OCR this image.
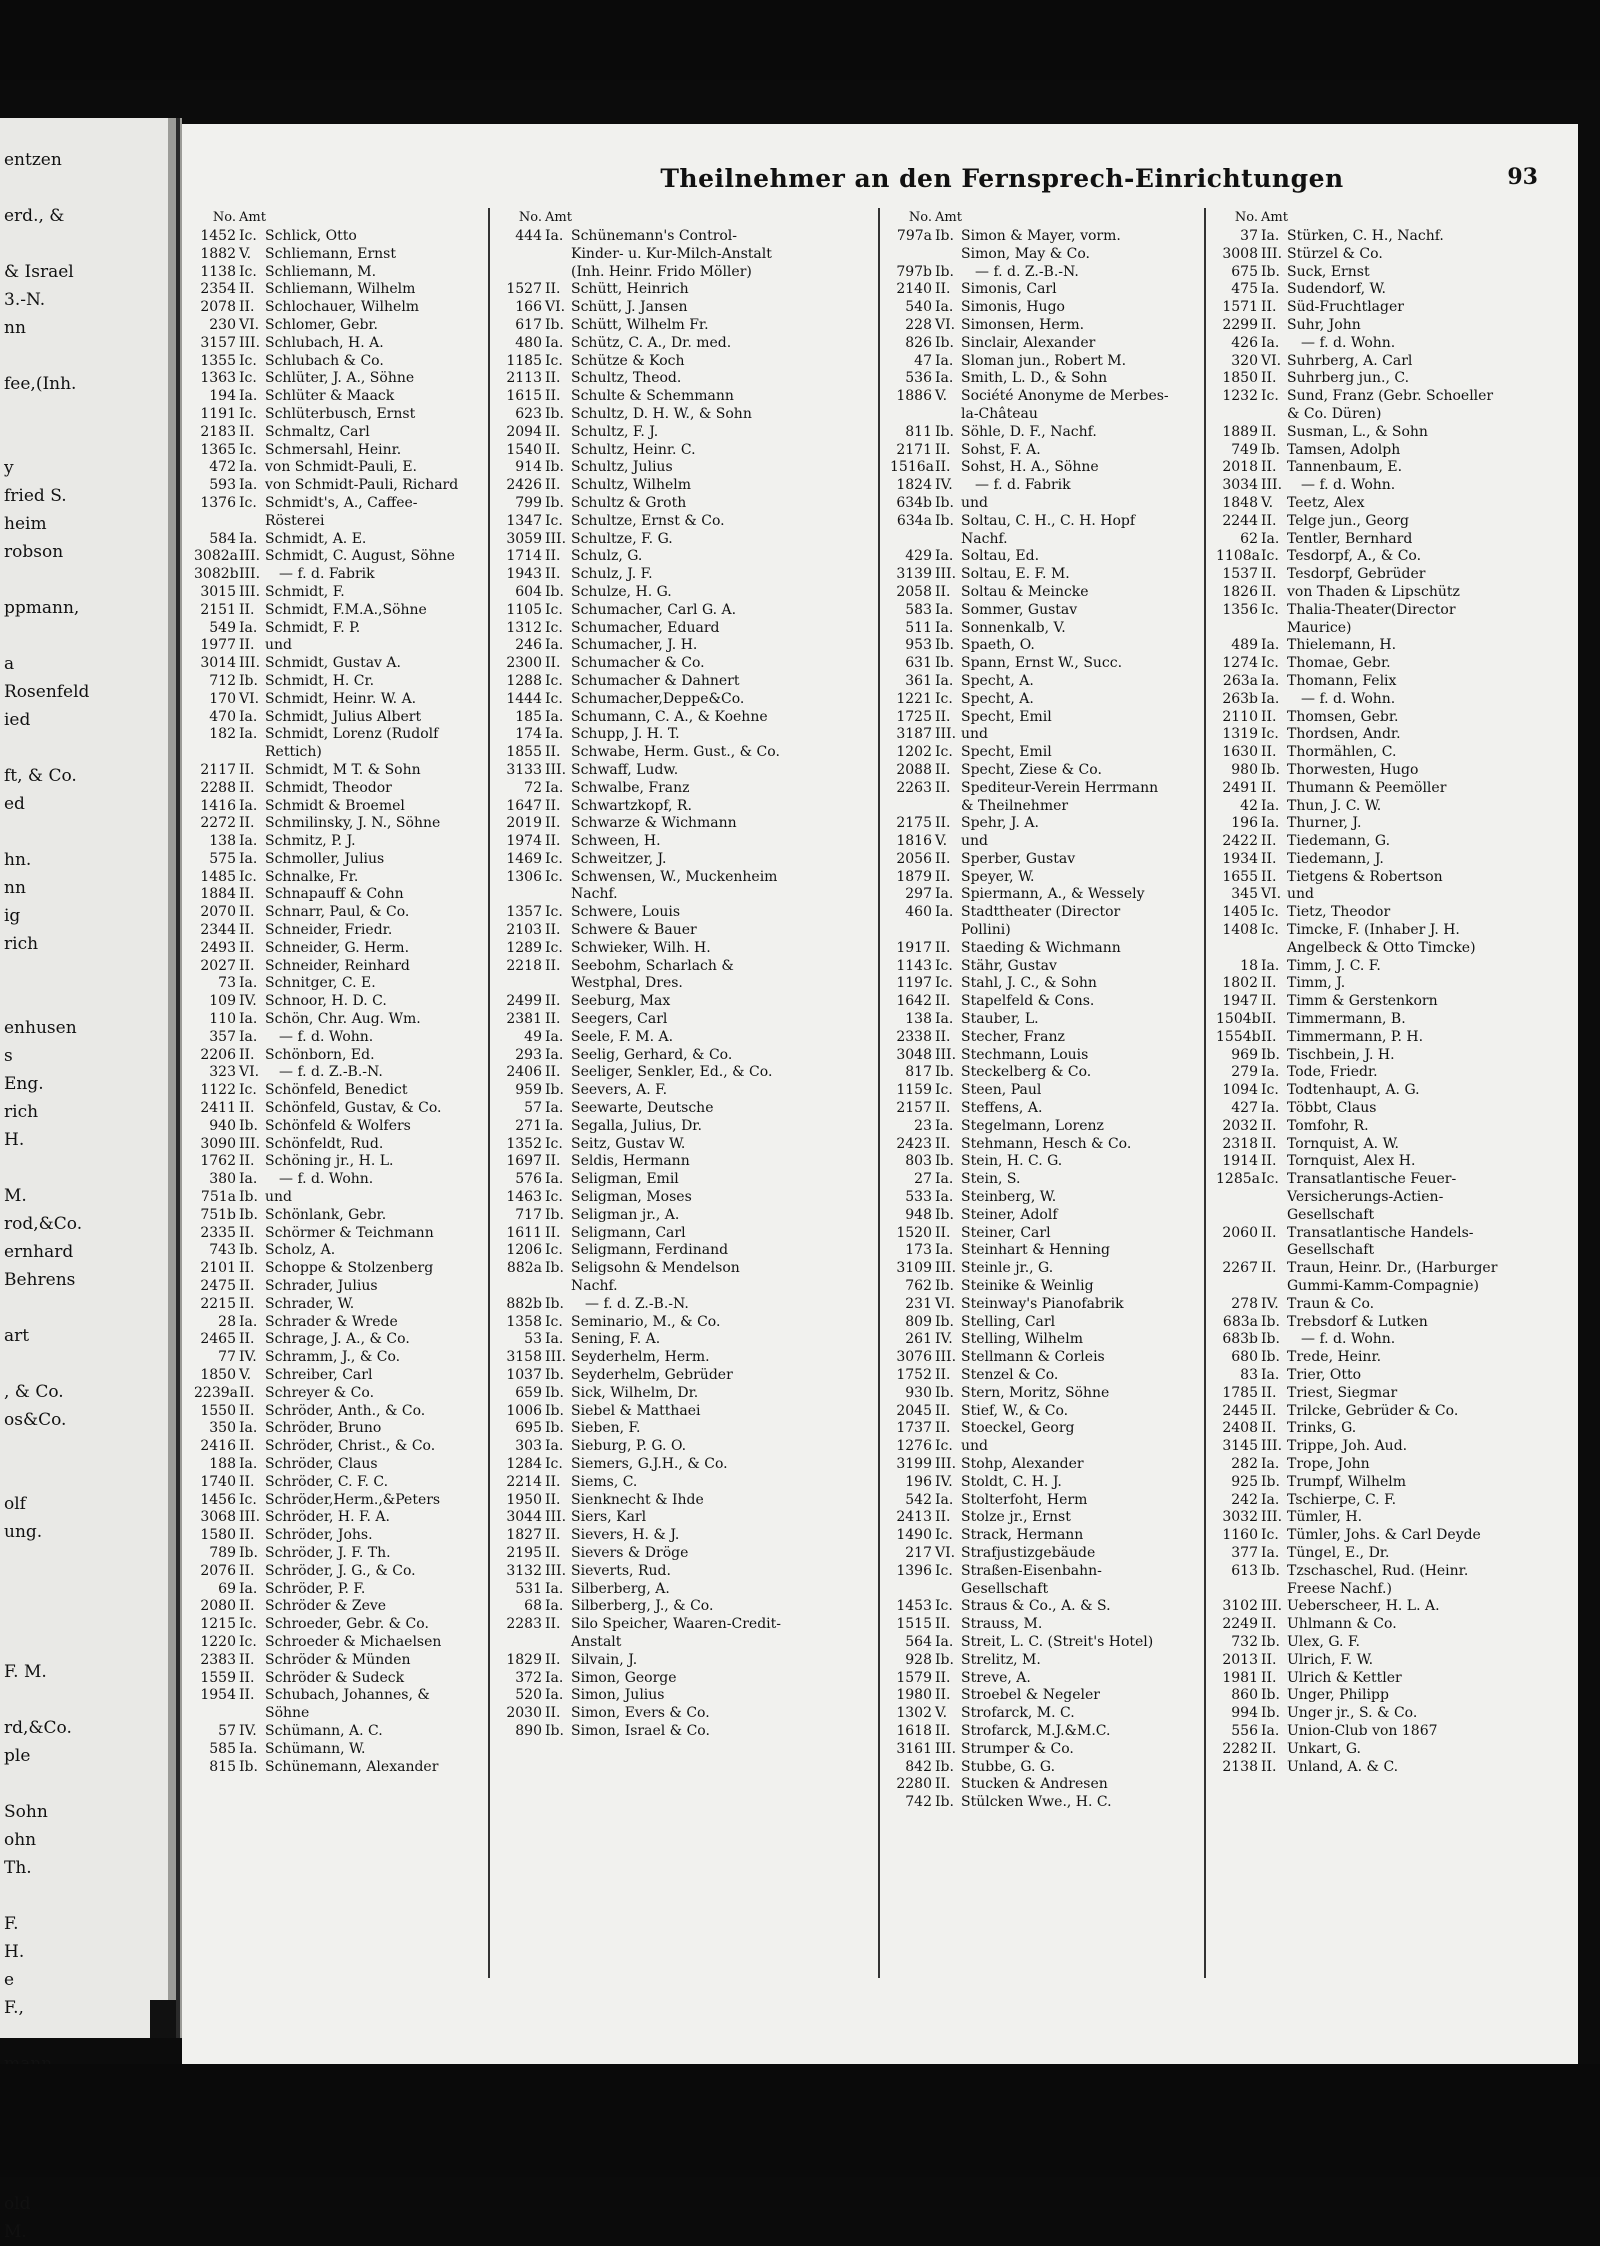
entzen
erd., &
& Israel
3.-N.
nn
fee,(Inh.
y
fried S.
heim
robson
ppmann,
a
Rosenfeld
ied
ft, & Co.
ed
hn.
nn
ig
rich
enhusen
s
Eng.
rich
H.
M.
rod,&Co.
ernhard
Behrens
art
, & Co.
os&Co.
olf
ung.
F. M.
rd,&Co.
ple
Sohn
ohn
Th.
F.
H.
e
F.,
old
M.
Theilnehmer an den Fernsprech-Einrichtungen	93
No. Amt
1452 Ic. Schlick, Otto
1882 V. Schliemann, Ernst
1138 Ic. Schliemann, M.
2354 II. Schliemann, Wilhelm
2078 II. Schlochauer, Wilhelm
230 VI. Schlomer, Gebr.
3157 III. Schlubach, H. A.
1355 Ic. Schlubach & Co.
1363 Ic. Schlüter, J. A., Söhne
194 Ia. Schlüter & Maack
1191 Ic. Schlüterbusch, Ernst
2183 II. Schmaltz, Carl
1365 Ic. Schmersahl, Heinr.
472 Ia. von Schmidt-Pauli, E.
593 Ia. von Schmidt-Pauli, Richard
1376 Ic. Schmidt's, A., Caffee-Rösterei
584 Ia. Schmidt, A. E.
3082a III. Schmidt, C. August, Söhne
3082b III.	— f. d. Fabrik
3015 III. Schmidt, F.
2151 II. Schmidt, F.M.A.,Söhne
549 Ia. Schmidt, F. P.
1977 II. und
3014 III. Schmidt, Gustav A.
712 Ib. Schmidt, H. Cr.
170 VI. Schmidt, Heinr. W. A.
470 Ia. Schmidt, Julius Albert
182 Ia. Schmidt, Lorenz (Rudolf Rettich)
2117 II. Schmidt, M T. & Sohn
2288 II. Schmidt, Theodor
1416 Ia. Schmidt & Broemel
2272 II. Schmilinsky, J. N., Söhne
138 Ia. Schmitz, P. J.
575 Ia. Schmoller, Julius
1485 Ic. Schnalke, Fr.
1884 II. Schnapauff & Cohn
2070 II. Schnarr, Paul, & Co.
2344 II. Schneider, Friedr.
2493 II. Schneider, G. Herm.
2027 II. Schneider, Reinhard
73 Ia. Schnitger, C. E.
109 IV. Schnoor, H. D. C.
110 Ia. Schön, Chr. Aug. Wm.
357 Ia.	— f. d. Wohn.
2206 II. Schönborn, Ed.
323 VI.	— f. d. Z.-B.-N.
1122 Ic. Schönfeld, Benedict
2411 II. Schönfeld, Gustav, & Co.
940 Ib. Schönfeld & Wolfers
3090 III. Schönfeldt, Rud.
1762 II. Schöning jr., H. L.
380 Ia.	— f. d. Wohn.
751a Ib. und
751b Ib. Schönlank, Gebr.
2335 II. Schörmer & Teichmann
743 Ib. Scholz, A.
2101 II. Schoppe & Stolzenberg
2475 II. Schrader, Julius
2215 II. Schrader, W.
28 Ia. Schrader & Wrede
2465 II. Schrage, J. A., & Co.
77 IV. Schramm, J., & Co.
1850 V. Schreiber, Carl
2239a II. Schreyer & Co.
1550 II. Schröder, Anth., & Co.
350 Ia. Schröder, Bruno
2416 II. Schröder, Christ., & Co.
188 Ia. Schröder, Claus
1740 II. Schröder, C. F. C.
1456 Ic. Schröder,Herm.,&Peters
3068 III. Schröder, H. F. A.
1580 II. Schröder, Johs.
789 Ib. Schröder, J. F. Th.
2076 II. Schröder, J. G., & Co.
69 Ia. Schröder, P. F.
2080 II. Schröder & Zeve
1215 Ic. Schroeder, Gebr. & Co.
1220 Ic. Schroeder & Michaelsen
2383 II. Schröder & Münden
1559 II. Schröder & Sudeck
1954 II. Schubach, Johannes, & Söhne
57 IV. Schümann, A. C.
585 Ia. Schümann, W.
815 Ib. Schünemann, Alexander
No. Amt
444 Ia. Schünemann's Control-Kinder- u. Kur-Milch-Anstalt (Inh. Heinr. Frido Möller)
1527 II. Schütt, Heinrich
166 VI. Schütt, J. Jansen
617 Ib. Schütt, Wilhelm Fr.
480 Ia. Schütz, C. A., Dr. med.
1185 Ic. Schütze & Koch
2113 II. Schultz, Theod.
1615 II. Schulte & Schemmann
623 Ib. Schultz, D. H. W., & Sohn
2094 II. Schultz, F. J.
1540 II. Schultz, Heinr. C.
914 Ib. Schultz, Julius
2426 II. Schultz, Wilhelm
799 Ib. Schultz & Groth
1347 Ic. Schultze, Ernst & Co.
3059 III. Schultze, F. G.
1714 II. Schulz, G.
1943 II. Schulz, J. F.
604 Ib. Schulze, H. G.
1105 Ic. Schumacher, Carl G. A.
1312 Ic. Schumacher, Eduard
246 Ia. Schumacher, J. H.
2300 II. Schumacher & Co.
1288 Ic. Schumacher & Dahnert
1444 Ic. Schumacher,Deppe&Co.
185 Ia. Schumann, C. A., & Koehne
174 Ia. Schupp, J. H. T.
1855 II. Schwabe, Herm. Gust., & Co.
3133 III. Schwaff, Ludw.
72 Ia. Schwalbe, Franz
1647 II. Schwartzkopf, R.
2019 II. Schwarze & Wichmann
1974 II. Schween, H.
1469 Ic. Schweitzer, J.
1306 Ic. Schwensen, W., Muckenheim Nachf.
1357 Ic. Schwere, Louis
2103 II. Schwere & Bauer
1289 Ic. Schwieker, Wilh. H.
2218 II. Seebohm, Scharlach & Westphal, Dres.
2499 II. Seeburg, Max
2381 II. Seegers, Carl
49 Ia. Seele, F. M. A.
293 Ia. Seelig, Gerhard, & Co.
2406 II. Seeliger, Senkler, Ed., & Co.
959 Ib. Seevers, A. F.
57 Ia. Seewarte, Deutsche
271 Ia. Segalla, Julius, Dr.
1352 Ic. Seitz, Gustav W.
1697 II. Seldis, Hermann
576 Ia. Seligman, Emil
1463 Ic. Seligman, Moses
717 Ib. Seligman jr., A.
1611 II. Seligmann, Carl
1206 Ic. Seligmann, Ferdinand
882a Ib. Seligsohn & Mendelson Nachf.
882b Ib.	— f. d. Z.-B.-N.
1358 Ic. Seminario, M., & Co.
53 Ia. Sening, F. A.
3158 III. Seyderhelm, Herm.
1037 Ib. Seyderhelm, Gebrüder
659 Ib. Sick, Wilhelm, Dr.
1006 Ib. Siebel & Matthaei
695 Ib. Sieben, F.
303 Ia. Sieburg, P. G. O.
1284 Ic. Siemers, G.J.H., & Co.
2214 II. Siems, C.
1950 II. Sienknecht & Ihde
3044 III. Siers, Karl
1827 II. Sievers, H. & J.
2195 II. Sievers & Dröge
3132 III. Sieverts, Rud.
531 Ia. Silberberg, A.
68 Ia. Silberberg, J., & Co.
2283 II. Silo Speicher, Waaren-Credit-Anstalt
1829 II. Silvain, J.
372 Ia. Simon, George
520 Ia. Simon, Julius
2030 II. Simon, Evers & Co.
890 Ib. Simon, Israel & Co.
No. Amt
797a Ib. Simon & Mayer, vorm. Simon, May & Co.
797b Ib.	— f. d. Z.-B.-N.
2140 II. Simonis, Carl
540 Ia. Simonis, Hugo
228 VI. Simonsen, Herm.
826 Ib. Sinclair, Alexander
47 Ia. Sloman jun., Robert M.
536 Ia. Smith, L. D., & Sohn
1886 V. Société Anonyme de Merbes-la-Château
811 Ib. Söhle, D. F., Nachf.
2171 II. Sohst, F. A.
1516a II. Sohst, H. A., Söhne
1824 IV.	— f. d. Fabrik
634b Ib. und
634a Ib. Soltau, C. H., C. H. Hopf Nachf.
429 Ia. Soltau, Ed.
3139 III. Soltau, E. F. M.
2058 II. Soltau & Meincke
583 Ia. Sommer, Gustav
511 Ia. Sonnenkalb, V.
953 Ib. Spaeth, O.
631 Ib. Spann, Ernst W., Succ.
361 Ia. Specht, A.
1221 Ic. Specht, A.
1725 II. Specht, Emil
3187 III. und
1202 Ic. Specht, Emil
2088 II. Specht, Ziese & Co.
2263 II. Spediteur-Verein Herrmann & Theilnehmer
2175 II. Spehr, J. A.
1816 V. und
2056 II. Sperber, Gustav
1879 II. Speyer, W.
297 Ia. Spiermann, A., & Wessely
460 Ia. Stadttheater (Director Pollini)
1917 II. Staeding & Wichmann
1143 Ic. Stähr, Gustav
1197 Ic. Stahl, J. C., & Sohn
1642 II. Stapelfeld & Cons.
138 Ia. Stauber, L.
2338 II. Stecher, Franz
3048 III. Stechmann, Louis
817 Ib. Steckelberg & Co.
1159 Ic. Steen, Paul
2157 II. Steffens, A.
23 Ia. Stegelmann, Lorenz
2423 II. Stehmann, Hesch & Co.
803 Ib. Stein, H. C. G.
27 Ia. Stein, S.
533 Ia. Steinberg, W.
948 Ib. Steiner, Adolf
1520 II. Steiner, Carl
173 Ia. Steinhart & Henning
3109 III. Steinle jr., G.
762 Ib. Steinike & Weinlig
231 VI. Steinway's Pianofabrik
809 Ib. Stelling, Carl
261 IV. Stelling, Wilhelm
3076 III. Stellmann & Corleis
1752 II. Stenzel & Co.
930 Ib. Stern, Moritz, Söhne
2045 II. Stief, W., & Co.
1737 II. Stoeckel, Georg
1276 Ic. und
3199 III. Stohp, Alexander
196 IV. Stoldt, C. H. J.
542 Ia. Stolterfoht, Herm
2413 II. Stolze jr., Ernst
1490 Ic. Strack, Hermann
217 VI. Strafjustizgebäude
1396 Ic. Straßen-Eisenbahn-Gesellschaft
1453 Ic. Straus & Co., A. & S.
1515 II. Strauss, M.
564 Ia. Streit, L. C. (Streit's Hotel)
928 Ib. Strelitz, M.
1579 II. Streve, A.
1980 II. Stroebel & Negeler
1302 V. Strofarck, M. C.
1618 II. Strofarck, M.J.&M.C.
3161 III. Strumper & Co.
842 Ib. Stubbe, G. G.
2280 II. Stucken & Andresen
742 Ib. Stülcken Wwe., H. C.
No. Amt
37 Ia. Stürken, C. H., Nachf.
3008 III. Stürzel & Co.
675 Ib. Suck, Ernst
475 Ia. Sudendorf, W.
1571 II. Süd-Fruchtlager
2299 II. Suhr, John
426 Ia.	— f. d. Wohn.
320 VI. Suhrberg, A. Carl
1850 II. Suhrberg jun., C.
1232 Ic. Sund, Franz (Gebr. Schoeller & Co. Düren)
1889 II. Susman, L., & Sohn
749 Ib. Tamsen, Adolph
2018 II. Tannenbaum, E.
3034 III.	— f. d. Wohn.
1848 V. Teetz, Alex
2244 II. Telge jun., Georg
62 Ia. Tentler, Bernhard
1108a Ic. Tesdorpf, A., & Co.
1537 II. Tesdorpf, Gebrüder
1826 II. von Thaden & Lipschütz
1356 Ic. Thalia-Theater(Director Maurice)
489 Ia. Thielemann, H.
1274 Ic. Thomae, Gebr.
263a Ia. Thomann, Felix
263b Ia.	— f. d. Wohn.
2110 II. Thomsen, Gebr.
1319 Ic. Thordsen, Andr.
1630 II. Thormählen, C.
980 Ib. Thorwesten, Hugo
2491 II. Thumann & Peemöller
42 Ia. Thun, J. C. W.
196 Ia. Thurner, J.
2422 II. Tiedemann, G.
1934 II. Tiedemann, J.
1655 II. Tietgens & Robertson
345 VI. und
1405 Ic. Tietz, Theodor
1408 Ic. Timcke, F. (Inhaber J. H. Angelbeck & Otto Timcke)
18 Ia. Timm, J. C. F.
1802 II. Timm, J.
1947 II. Timm & Gerstenkorn
1504b II. Timmermann, B.
1554b II. Timmermann, P. H.
969 Ib. Tischbein, J. H.
279 Ia. Tode, Friedr.
1094 Ic. Todtenhaupt, A. G.
427 Ia. Többt, Claus
2032 II. Tomfohr, R.
2318 II. Tornquist, A. W.
1914 II. Tornquist, Alex H.
1285a Ic. Transatlantische Feuer-Versicherungs-Actien-Gesellschaft
2060 II. Transatlantische Handels-Gesellschaft
2267 II. Traun, Heinr. Dr., (Harburger Gummi-Kamm-Compagnie)
278 IV. Traun & Co.
683a Ib. Trebsdorf & Lutken
683b Ib.	— f. d. Wohn.
680 Ib. Trede, Heinr.
83 Ia. Trier, Otto
1785 II. Triest, Siegmar
2445 II. Trilcke, Gebrüder & Co.
2408 II. Trinks, G.
3145 III. Trippe, Joh. Aud.
282 Ia. Trope, John
925 Ib. Trumpf, Wilhelm
242 Ia. Tschierpe, C. F.
3032 III. Tümler, H.
1160 Ic. Tümler, Johs. & Carl Deyde
377 Ia. Tüngel, E., Dr.
613 Ib. Tzschaschel, Rud. (Heinr. Freese Nachf.)
3102 III. Ueberscheer, H. L. A.
2249 II. Uhlmann & Co.
732 Ib. Ulex, G. F.
2013 II. Ulrich, F. W.
1981 II. Ulrich & Kettler
860 Ib. Unger, Philipp
994 Ib. Unger jr., S. & Co.
556 Ia. Union-Club von 1867
2282 II. Unkart, G.
2138 II. Unland, A. & C.
